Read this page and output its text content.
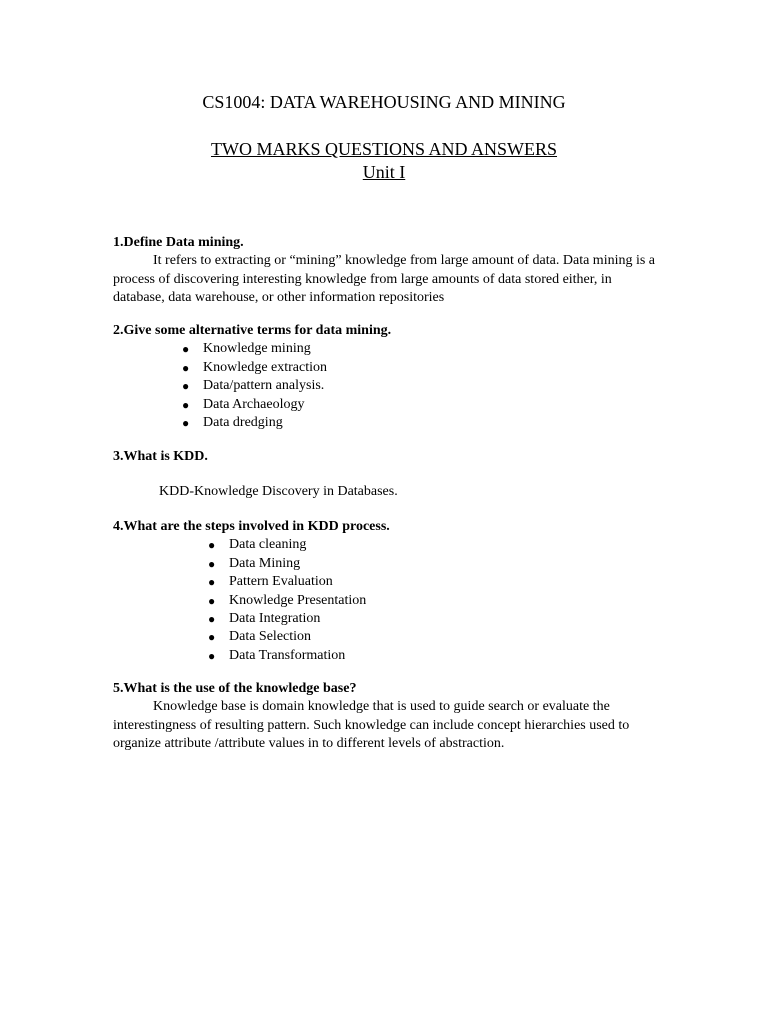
CS1004: DATA WAREHOUSING AND MINING
TWO MARKS QUESTIONS AND ANSWERS
Unit I

1.Define Data mining.

It refers to extracting or “mining” knowledge from large amount of data. Data mining is a process of discovering interesting knowledge from large amounts of data stored either, in database, data warehouse, or other information repositories

2.Give some alternative terms for data mining.

● Knowledge mining
● Knowledge extraction
● Data/pattern analysis.
● Data Archaeology
● Data dredging

3.What is KDD.

KDD-Knowledge Discovery in Databases.

4.What are the steps involved in KDD process.

● Data cleaning
● Data Mining
● Pattern Evaluation
● Knowledge Presentation
● Data Integration
● Data Selection
● Data Transformation

5.What is the use of the knowledge base?

Knowledge base is domain knowledge that is used to guide search or evaluate the interestingness of resulting pattern. Such knowledge can include concept hierarchies used to organize attribute /attribute values in to different levels of abstraction.
